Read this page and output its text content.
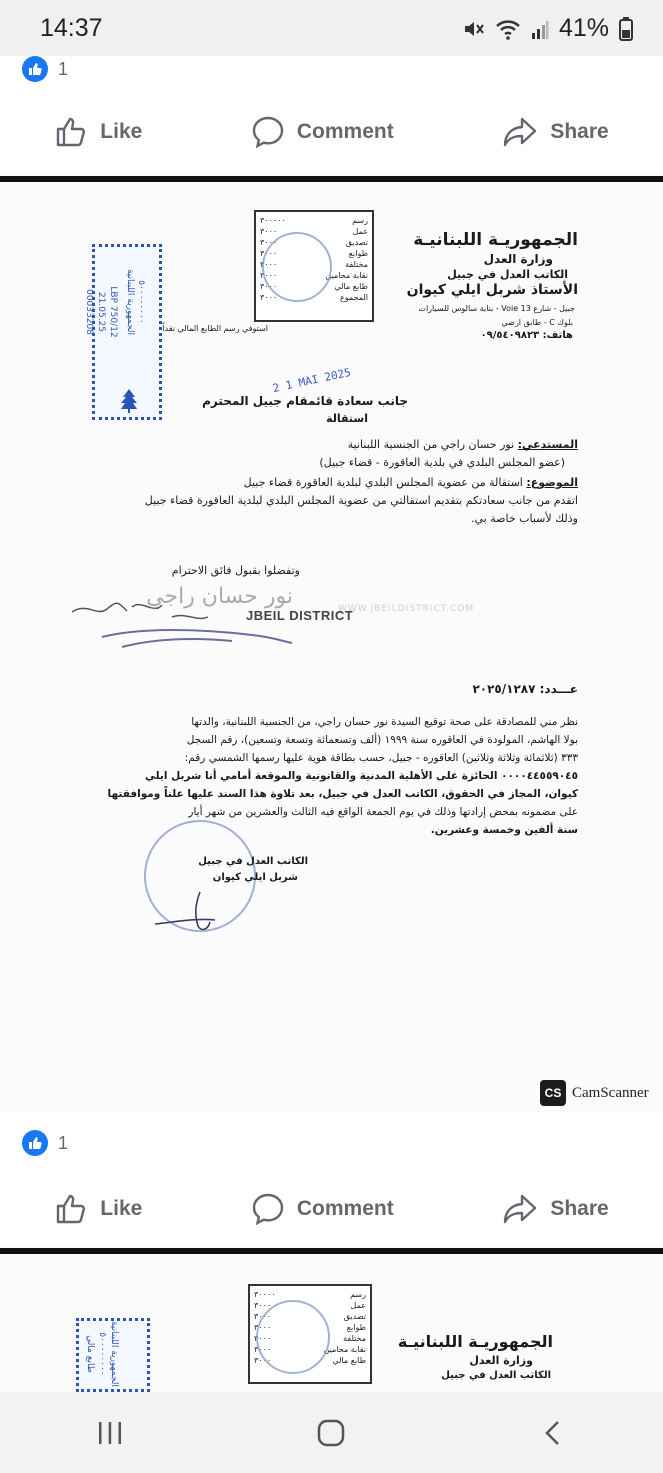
14:37	41%
1
Like	Comment	Share
الجمهوريـة اللبنانيـة
وزارة العدل
الكاتب العدل في جبيل
الأستاذ شربل ايلي كيوان
جبيل - شارع Voie 13 - بناية سالوس للسيارات
بلوك C - طابق ارضي
هاتف: ٠٩/٥٤٠٩٨٢٣
رسم
٣٠٠٠٠٠
عمل
٣٠٠٠
تصديق
٣٠٠٠
طوابع
٣٠٠٠
مختلفة
٣٠٠٠
نقابة محامين
٣٠٠٠
طابع مالي
٣٠٠٠
المجموع
٣٠٠٠
استوفي رسم الطابع المالي نقداً
2 1 MAI 2025
الجمهورية اللبنانية ٥٠٠٠٠٠٠٠٠
LBP 750/12
21.05.25
00033208
جانب سعادة قائمقام جبيل المحترم
استقالة
المستدعي: نور حسان راجي من الجنسية اللبنانية
(عضو المجلس البلدي في بلدية العاقورة - قضاء جبيل)
الموضوع: استقالة من عضوية المجلس البلدي لبلدية العاقورة قضاء جبيل
اتقدم من جانب سعادتكم بتقديم استقالتي من عضوية المجلس البلدي لبلدية العاقورة قضاء جبيل
وذلك لأسباب خاصة بي.
وتفضلوا بقبول فائق الاحترام
نور حسان راجي
JBEIL DISTRICT
WWW.JBEILDISTRICT.COM
عـــدد: ٢٠٢٥/١٢٨٧
نظر مني للمصادقة على صحة توقيع السيدة نور حسان راجي، من الجنسية اللبنانية، والدتها
بولا الهاشم، المولودة في العاقوره سنة ١٩٩٩ (ألف وتسعمائة وتسعة وتسعين)، رقم السجل
٣٣٣ (ثلاثمائة وثلاثة وثلاثين) العاقوره - جبيل، حسب بطاقة هوية عليها رسمها الشمسي رقم:
٠٠٠٠٤٤٥٥٩٠٤٥ الحائزة على الأهلية المدنية والقانونية والموقعة أمامي أنا شربل ايلي
كيوان، المجاز في الحقوق، الكاتب العدل في جبيل، بعد تلاوة هذا السند عليها علناً وموافقتها
على مضمونه بمحض إرادتها وذلك في يوم الجمعة الواقع فيه الثالث والعشرين من شهر أيار
سنة ألفين وخمسة وعشرين.
الكاتب العدل في جبيل
شربل ايلي كيوان
CS CamScanner
1
Like	Comment	Share
رسم
٣٠٠٠٠
عمل
٣٠٠٠
تصديق
٣٠٠٠
طوابع
٣٠٠٠
مختلفة
٣٠٠٠
نقابة محامين
٣٠٠٠
طابع مالي
٣٠٠٠
الجمهورية اللبنانية
٥٠٠٠٠٠٠٠٠
طابع مالي	الجمهوريـة اللبنانيـة
وزارة العدل
الكاتب العدل في جبيل
